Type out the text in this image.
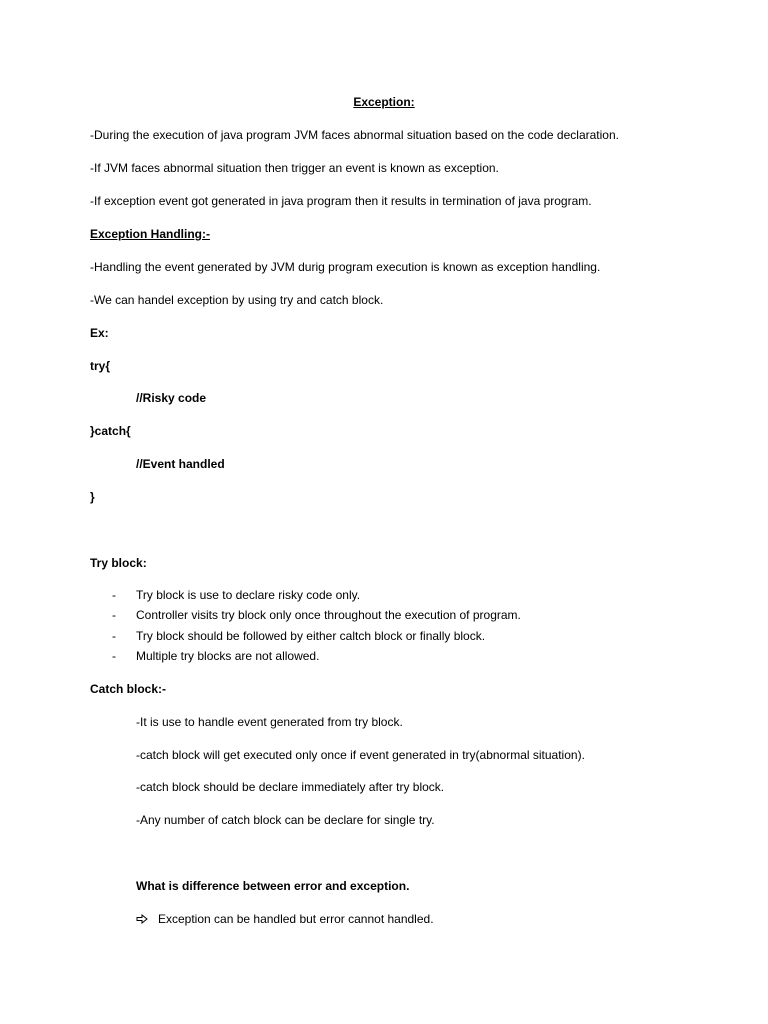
Exception:
-During the execution of java program JVM faces abnormal situation based on the code declaration.
-If JVM faces abnormal situation then trigger an event is known as exception.
-If exception event got generated in java program then it results in termination of java program.
Exception Handling:-
-Handling the event generated by JVM durig program execution is known as exception handling.
-We can handel exception by using try and catch block.
Ex:
try{
//Risky code
}catch{
//Event handled
}
Try block:
-	Try block is use to declare risky code only.
-	Controller visits try block only once throughout the execution of program.
-	Try block should be followed by either caltch block or finally block.
-	Multiple try blocks are not allowed.
Catch block:-
-It is use to handle event generated from try block.
-catch block will get executed only once if event generated in try(abnormal situation).
-catch block should be declare immediately after try block.
-Any number of catch block can be declare for single try.
What is difference between error and exception.
Exception can be handled but error cannot handled.
